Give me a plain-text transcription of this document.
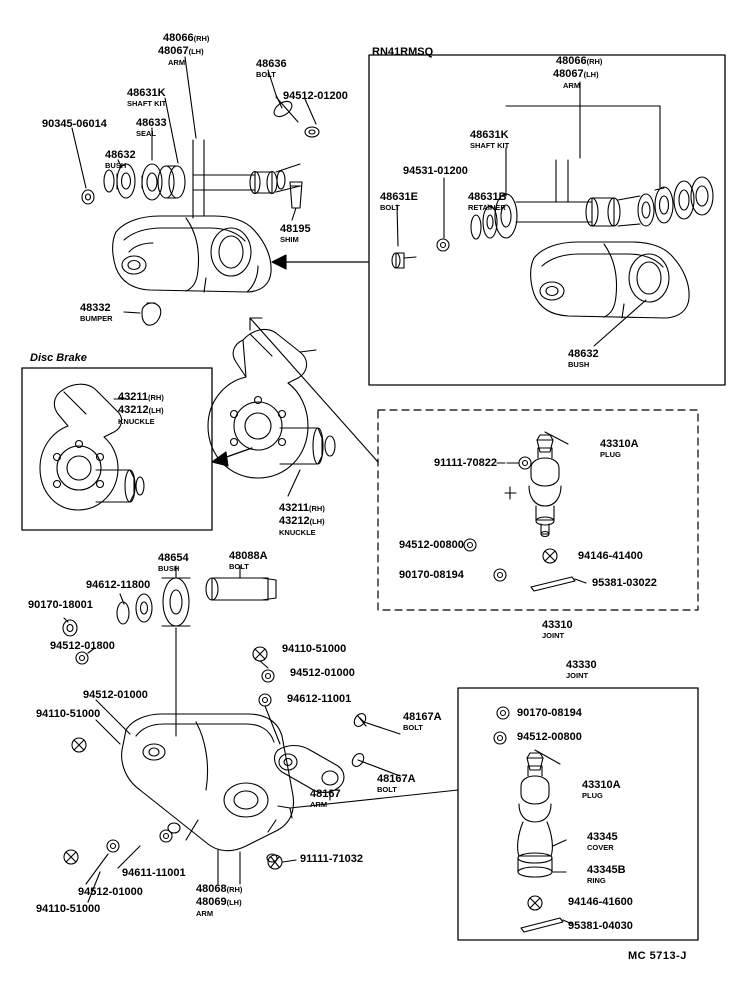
RN41RMSQ
Disc Brake
MC 5713-J
48066(RH)
48067(LH)
ARM
48631K
SHAFT KIT
48633
SEAL
90345-06014
48632
BUSH
48636
BOLT
94512-01200
48195
SHIM
48332
BUMPER
43211(RH)
43212(LH)
KNUCKLE
43211(RH)
43212(LH)
KNUCKLE
48066(RH)
48067(LH)
ARM
48631K
SHAFT KIT
94531-01200
48631E
BOLT
48631B
RETAINER
48632
BUSH
91111-70822
43310A
PLUG
94512-00800
90170-08194
94146-41400
95381-03022
43310
JOINT
43330
JOINT
90170-08194
94512-00800
43310A
PLUG
43345
COVER
43345B
RING
94146-41600
95381-04030
48654
BUSH
48088A
BOLT
94612-11800
90170-18001
94512-01800
94512-01000
94110-51000
94110-51000
94512-01000
94612-11001
48167A
BOLT
48167A
BOLT
48167
ARM
91111-71032
94611-11001
94512-01000
94110-51000
48068(RH)
48069(LH)
ARM
